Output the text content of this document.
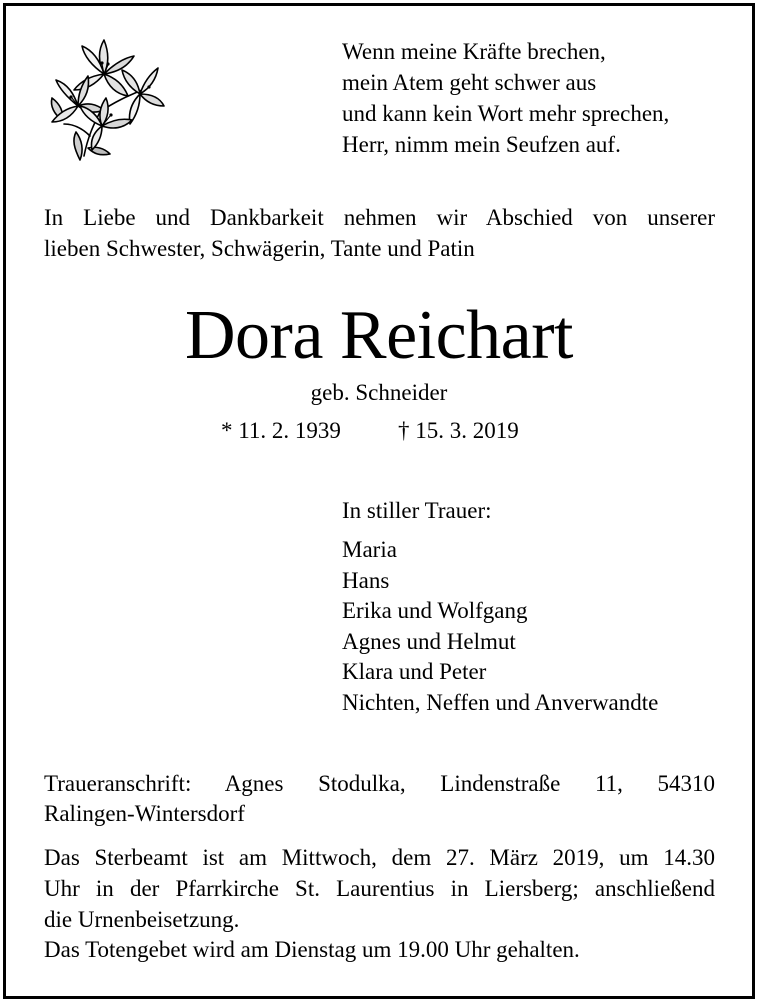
Wenn meine Kräfte brechen,
mein Atem geht schwer aus
und kann kein Wort mehr sprechen,
Herr, nimm mein Seufzen auf.
In Liebe und Dankbarkeit nehmen wir Abschied von unserer
lieben Schwester, Schwägerin, Tante und Patin
Dora Reichart
geb. Schneider
* 11. 2. 1939 † 15. 3. 2019
In stiller Trauer:
Maria
Hans
Erika und Wolfgang
Agnes und Helmut
Klara und Peter
Nichten, Neffen und Anverwandte
Traueranschrift: Agnes Stodulka, Lindenstraße 11, 54310
Ralingen-Wintersdorf
Das Sterbeamt ist am Mittwoch, dem 27. März 2019, um 14.30
Uhr in der Pfarrkirche St. Laurentius in Liersberg; anschließend
die Urnenbeisetzung.
Das Totengebet wird am Dienstag um 19.00 Uhr gehalten.
